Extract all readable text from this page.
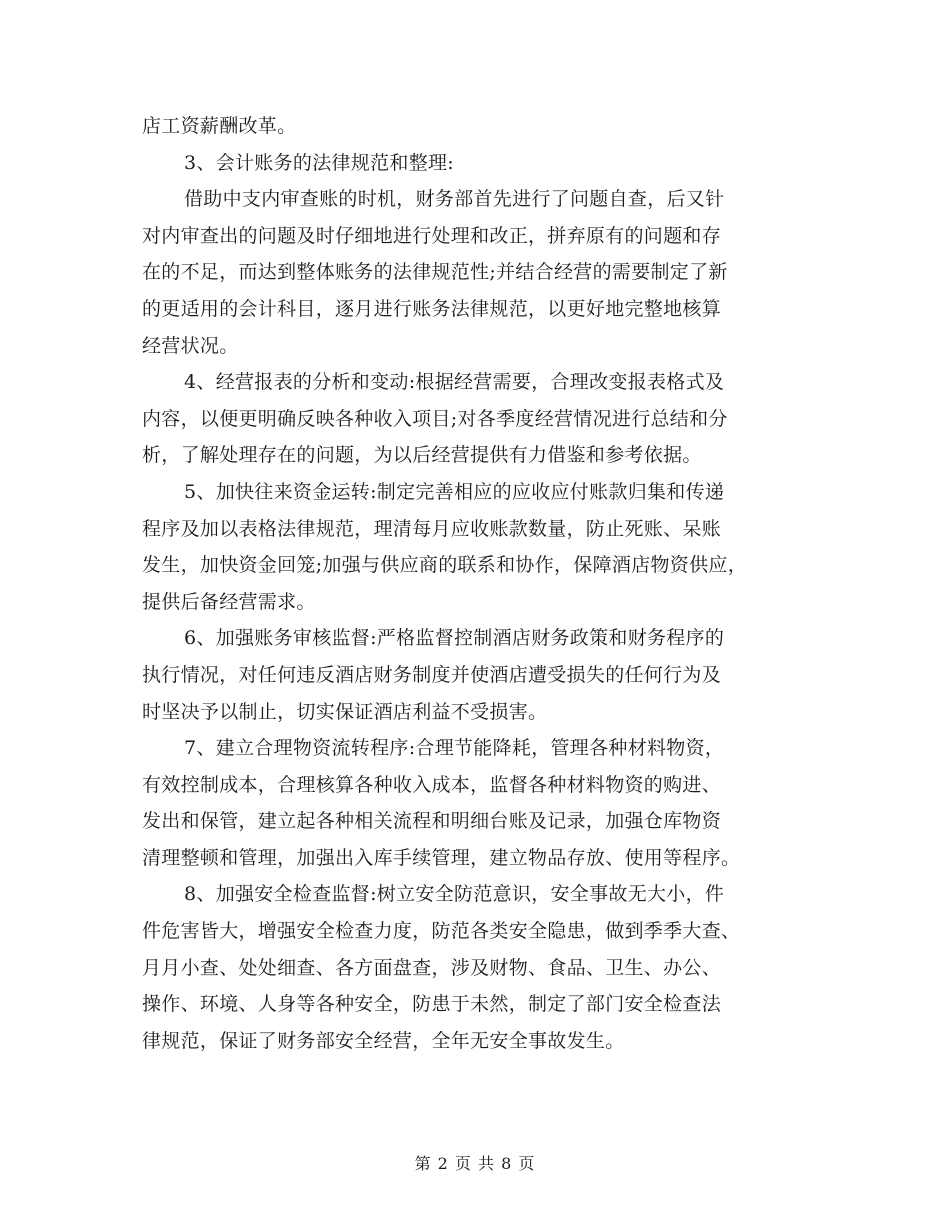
店工资薪酬改革。
3、会计账务的法律规范和整理:
借助中支内审查账的时机，财务部首先进行了问题自查，后又针
对内审查出的问题及时仔细地进行处理和改正，拼弃原有的问题和存
在的不足，而达到整体账务的法律规范性;并结合经营的需要制定了新
的更适用的会计科目，逐月进行账务法律规范，以更好地完整地核算
经营状况。
4、经营报表的分析和变动:根据经营需要，合理改变报表格式及
内容，以便更明确反映各种收入项目;对各季度经营情况进行总结和分
析，了解处理存在的问题，为以后经营提供有力借鉴和参考依据。
5、加快往来资金运转:制定完善相应的应收应付账款归集和传递
程序及加以表格法律规范，理清每月应收账款数量，防止死账、呆账
发生，加快资金回笼;加强与供应商的联系和协作，保障酒店物资供应，
提供后备经营需求。
6、加强账务审核监督:严格监督控制酒店财务政策和财务程序的
执行情况，对任何违反酒店财务制度并使酒店遭受损失的任何行为及
时坚决予以制止，切实保证酒店利益不受损害。
7、建立合理物资流转程序:合理节能降耗，管理各种材料物资，
有效控制成本，合理核算各种收入成本，监督各种材料物资的购进、
发出和保管，建立起各种相关流程和明细台账及记录，加强仓库物资
清理整顿和管理，加强出入库手续管理，建立物品存放、使用等程序。
8、加强安全检查监督:树立安全防范意识，安全事故无大小，件
件危害皆大，增强安全检查力度，防范各类安全隐患，做到季季大查、
月月小查、处处细查、各方面盘查，涉及财物、食品、卫生、办公、
操作、环境、人身等各种安全，防患于未然，制定了部门安全检查法
律规范，保证了财务部安全经营，全年无安全事故发生。
第 2 页 共 8 页
